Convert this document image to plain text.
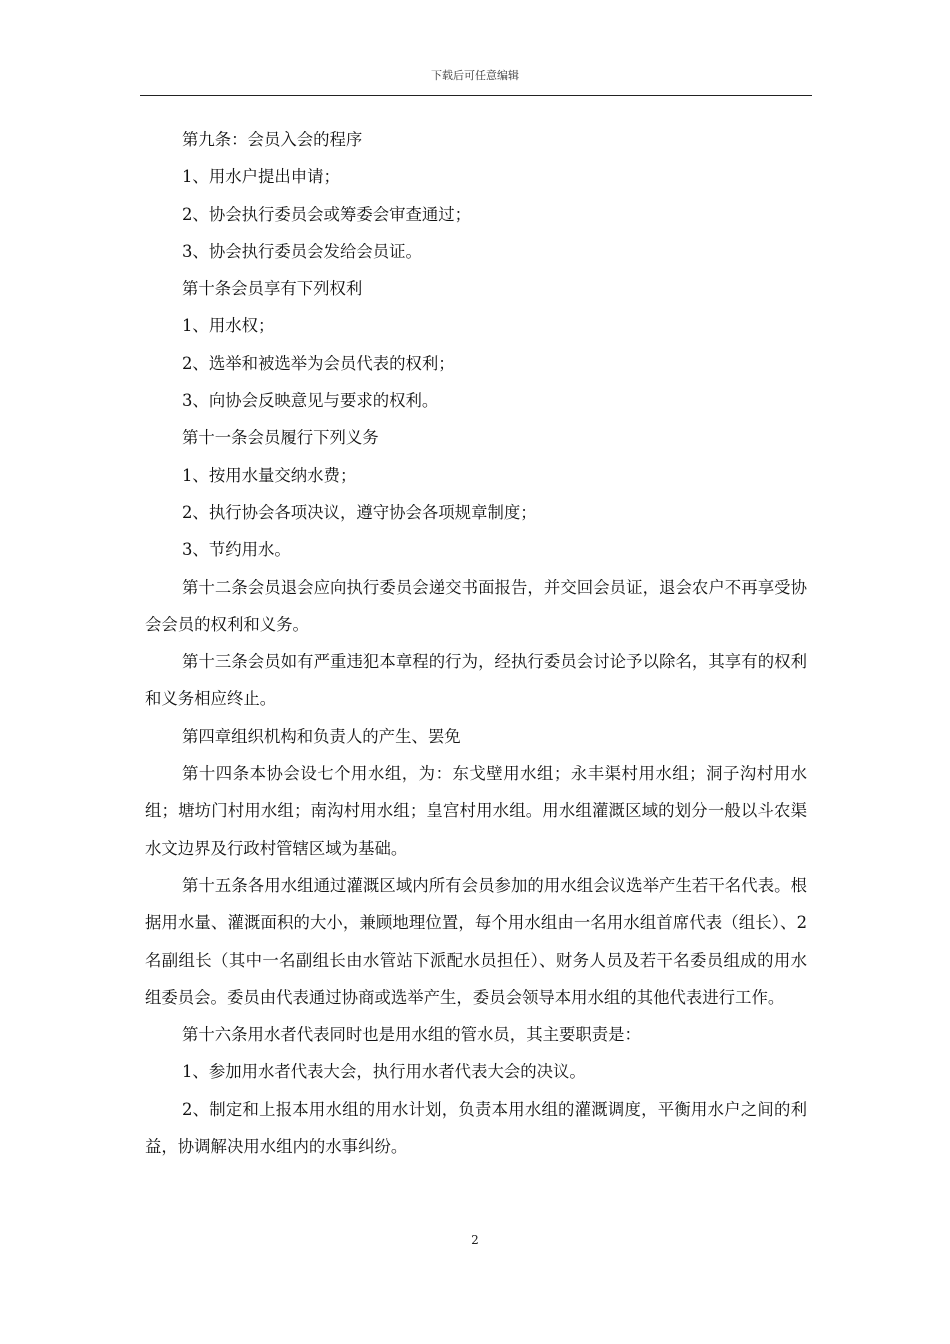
下载后可任意编辑

第九条：会员入会的程序

1、用水户提出申请；

2、协会执行委员会或筹委会审查通过；

3、协会执行委员会发给会员证。

第十条会员享有下列权利

1、用水权；

2、选举和被选举为会员代表的权利；

3、向协会反映意见与要求的权利。

第十一条会员履行下列义务

1、按用水量交纳水费；

2、执行协会各项决议，遵守协会各项规章制度；

3、节约用水。

第十二条会员退会应向执行委员会递交书面报告，并交回会员证，退会农户不再享受协会会员的权利和义务。

第十三条会员如有严重违犯本章程的行为，经执行委员会讨论予以除名，其享有的权利和义务相应终止。

第四章组织机构和负责人的产生、罢免

第十四条本协会设七个用水组，为：东戈壁用水组；永丰渠村用水组；洞子沟村用水组；塘坊门村用水组；南沟村用水组；皇宫村用水组。用水组灌溉区域的划分一般以斗农渠水文边界及行政村管辖区域为基础。

第十五条各用水组通过灌溉区域内所有会员参加的用水组会议选举产生若干名代表。根据用水量、灌溉面积的大小，兼顾地理位置，每个用水组由一名用水组首席代表（组长）、2名副组长（其中一名副组长由水管站下派配水员担任）、财务人员及若干名委员组成的用水组委员会。委员由代表通过协商或选举产生，委员会领导本用水组的其他代表进行工作。

第十六条用水者代表同时也是用水组的管水员，其主要职责是：

1、参加用水者代表大会，执行用水者代表大会的决议。

2、制定和上报本用水组的用水计划，负责本用水组的灌溉调度，平衡用水户之间的利益，协调解决用水组内的水事纠纷。

2
